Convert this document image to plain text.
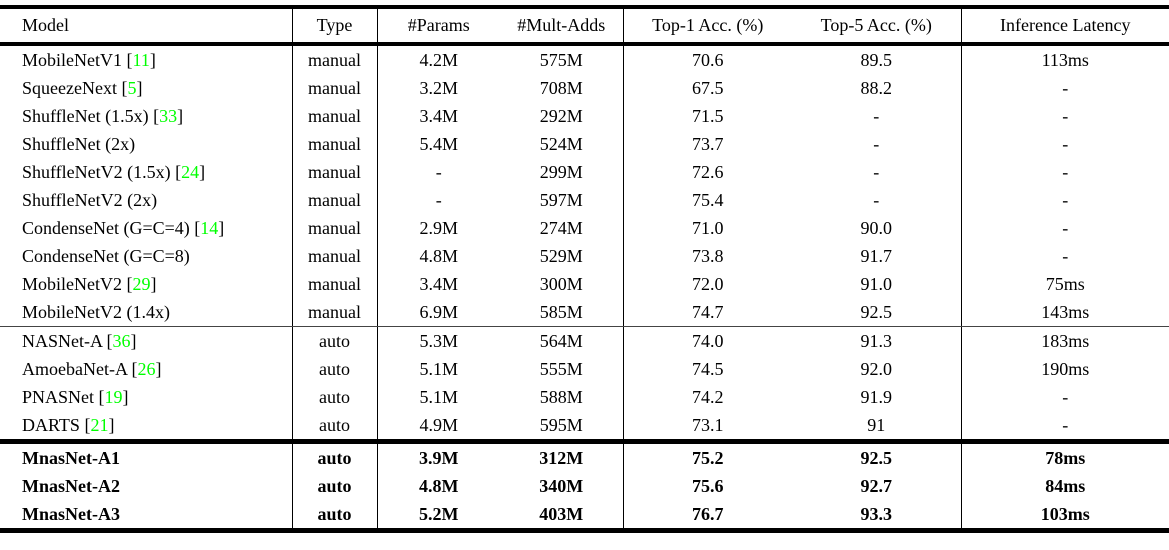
Model	Type	#Params	#Mult-Adds	Top-1 Acc. (%)	Top-5 Acc. (%)	Inference Latency
MobileNetV1 [11]	manual	4.2M	575M	70.6	89.5	113ms
SqueezeNext [5]	manual	3.2M	708M	67.5	88.2	-
ShuffleNet (1.5x) [33]	manual	3.4M	292M	71.5	-	-
ShuffleNet (2x)	manual	5.4M	524M	73.7	-	-
ShuffleNetV2 (1.5x) [24]	manual	-	299M	72.6	-	-
ShuffleNetV2 (2x)	manual	-	597M	75.4	-	-
CondenseNet (G=C=4) [14]	manual	2.9M	274M	71.0	90.0	-
CondenseNet (G=C=8)	manual	4.8M	529M	73.8	91.7	-
MobileNetV2 [29]	manual	3.4M	300M	72.0	91.0	75ms
MobileNetV2 (1.4x)	manual	6.9M	585M	74.7	92.5	143ms
NASNet-A [36]	auto	5.3M	564M	74.0	91.3	183ms
AmoebaNet-A [26]	auto	5.1M	555M	74.5	92.0	190ms
PNASNet [19]	auto	5.1M	588M	74.2	91.9	-
DARTS [21]	auto	4.9M	595M	73.1	91	-
MnasNet-A1	auto	3.9M	312M	75.2	92.5	78ms
MnasNet-A2	auto	4.8M	340M	75.6	92.7	84ms
MnasNet-A3	auto	5.2M	403M	76.7	93.3	103ms
